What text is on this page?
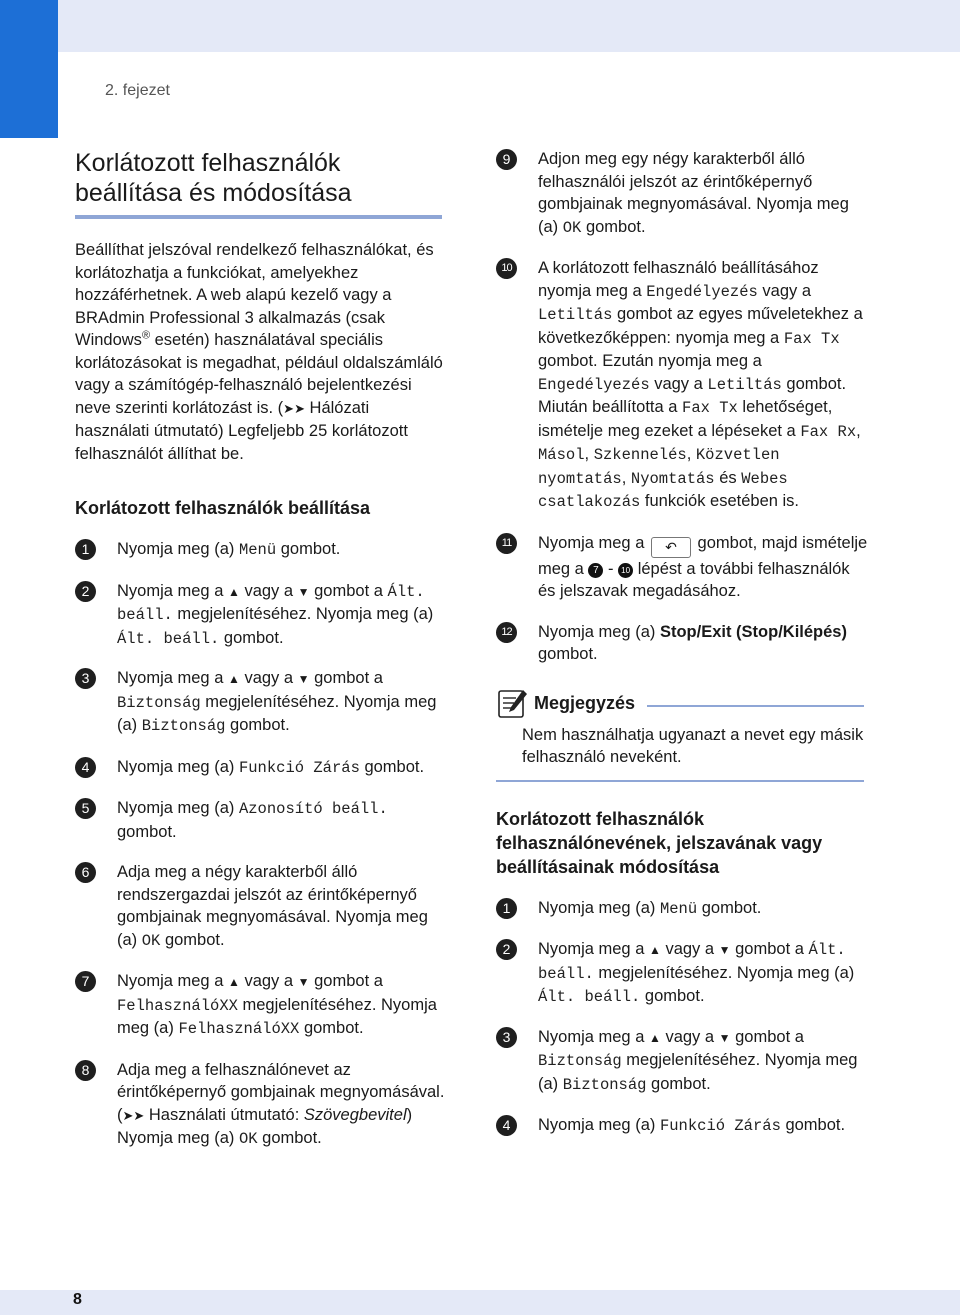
2. fejezet
8
Korlátozott felhasználók
beállítása és módosítása

Beállíthat jelszóval rendelkező felhasználókat, és korlátozhatja a funkciókat, amelyekhez hozzáférhetnek. A web alapú kezelő vagy a BRAdmin Professional 3 alkalmazás (csak Windows® esetén) használatával speciális korlátozásokat is megadhat, például oldalszámláló vagy a számítógép-felhasználó bejelentkezési neve szerinti korlátozást is. (➤➤ Hálózati használati útmutató) Legfeljebb 25 korlátozott felhasználót állíthat be.

Korlátozott felhasználók beállítása
1	Nyomja meg (a) Menü gombot.
2	Nyomja meg a ▲ vagy a ▼ gombot a Ált. beáll. megjelenítéséhez. Nyomja meg (a) Ált. beáll. gombot.
3	Nyomja meg a ▲ vagy a ▼ gombot a Biztonság megjelenítéséhez. Nyomja meg (a) Biztonság gombot.
4	Nyomja meg (a) Funkció Zárás gombot.
5	Nyomja meg (a) Azonosító beáll. gombot.
6	Adja meg a négy karakterből álló rendszergazdai jelszót az érintőképernyő gombjainak megnyomásával. Nyomja meg (a) OK gombot.
7	Nyomja meg a ▲ vagy a ▼ gombot a FelhasználóXX megjelenítéséhez. Nyomja meg (a) FelhasználóXX gombot.
8	Adja meg a felhasználónevet az érintőképernyő gombjainak megnyomásával. (➤➤ Használati útmutató: Szövegbevitel) Nyomja meg (a) OK gombot.
9	Adjon meg egy négy karakterből álló felhasználói jelszót az érintőképernyő gombjainak megnyomásával. Nyomja meg (a) OK gombot.
10	A korlátozott felhasználó beállításához nyomja meg a Engedélyezés vagy a Letiltás gombot az egyes műveletekhez a következőképpen: nyomja meg a Fax Tx gombot. Ezután nyomja meg a Engedélyezés vagy a Letiltás gombot. Miután beállította a Fax Tx lehetőséget, ismételje meg ezeket a lépéseket a Fax Rx, Másol, Szkennelés, Közvetlen nyomtatás, Nyomtatás és Webes csatlakozás funkciók esetében is.
11	Nyomja meg a ↶ gombot, majd ismételje meg a 7 - 10 lépést a további felhasználók és jelszavak megadásához.
12	Nyomja meg (a) Stop/Exit (Stop/Kilépés) gombot.
Megjegyzés
Nem használhatja ugyanazt a nevet egy másik felhasználó neveként.
Korlátozott felhasználók felhasználónevének, jelszavának vagy beállításainak módosítása
1	Nyomja meg (a) Menü gombot.
2	Nyomja meg a ▲ vagy a ▼ gombot a Ált. beáll. megjelenítéséhez. Nyomja meg (a) Ált. beáll. gombot.
3	Nyomja meg a ▲ vagy a ▼ gombot a Biztonság megjelenítéséhez. Nyomja meg (a) Biztonság gombot.
4	Nyomja meg (a) Funkció Zárás gombot.
